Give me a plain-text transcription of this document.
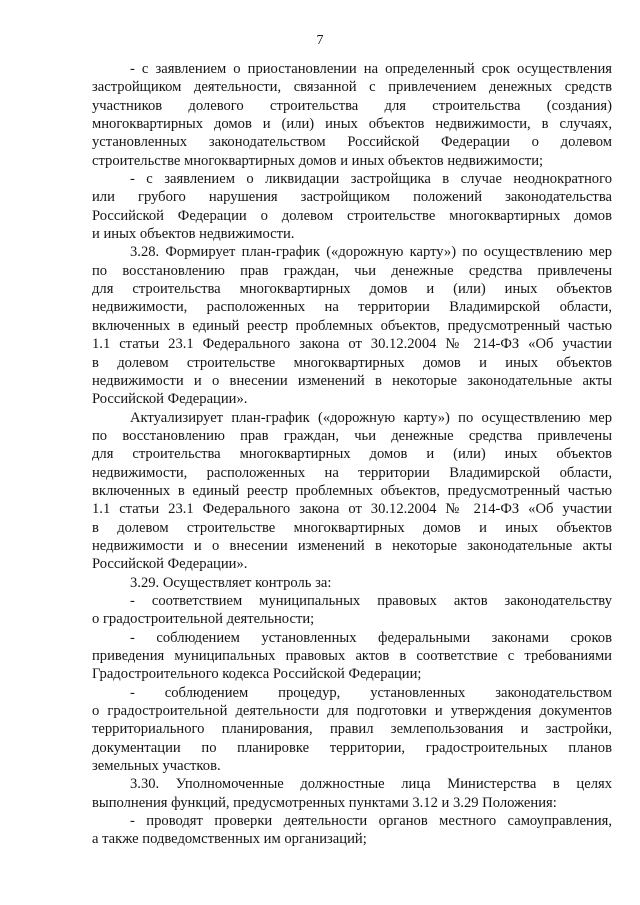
7

- с заявлением о приостановлении на определенный срок осуществления
застройщиком деятельности, связанной с привлечением денежных средств
участников долевого строительства для строительства (создания)
многоквартирных домов и (или) иных объектов недвижимости, в случаях,
установленных законодательством Российской Федерации о долевом
строительстве многоквартирных домов и иных объектов недвижимости;

- с заявлением о ликвидации застройщика в случае неоднократного
или грубого нарушения застройщиком положений законодательства
Российской Федерации о долевом строительстве многоквартирных домов
и иных объектов недвижимости.

3.28. Формирует план-график («дорожную карту») по осуществлению мер
по восстановлению прав граждан, чьи денежные средства привлечены
для строительства многоквартирных домов и (или) иных объектов
недвижимости, расположенных на территории Владимирской области,
включенных в единый реестр проблемных объектов, предусмотренный частью
1.1 статьи 23.1 Федерального закона от 30.12.2004 № 214-ФЗ «Об участии
в долевом строительстве многоквартирных домов и иных объектов
недвижимости и о внесении изменений в некоторые законодательные акты
Российской Федерации».

Актуализирует план-график («дорожную карту») по осуществлению мер
по восстановлению прав граждан, чьи денежные средства привлечены
для строительства многоквартирных домов и (или) иных объектов
недвижимости, расположенных на территории Владимирской области,
включенных в единый реестр проблемных объектов, предусмотренный частью
1.1 статьи 23.1 Федерального закона от 30.12.2004 № 214-ФЗ «Об участии
в долевом строительстве многоквартирных домов и иных объектов
недвижимости и о внесении изменений в некоторые законодательные акты
Российской Федерации».

3.29. Осуществляет контроль за:

- соответствием муниципальных правовых актов законодательству
о градостроительной деятельности;

- соблюдением установленных федеральными законами сроков
приведения муниципальных правовых актов в соответствие с требованиями
Градостроительного кодекса Российской Федерации;

- соблюдением процедур, установленных законодательством
о градостроительной деятельности для подготовки и утверждения документов
территориального планирования, правил землепользования и застройки,
документации по планировке территории, градостроительных планов
земельных участков.

3.30. Уполномоченные должностные лица Министерства в целях
выполнения функций, предусмотренных пунктами 3.12 и 3.29 Положения:

- проводят проверки деятельности органов местного самоуправления,
а также подведомственных им организаций;
